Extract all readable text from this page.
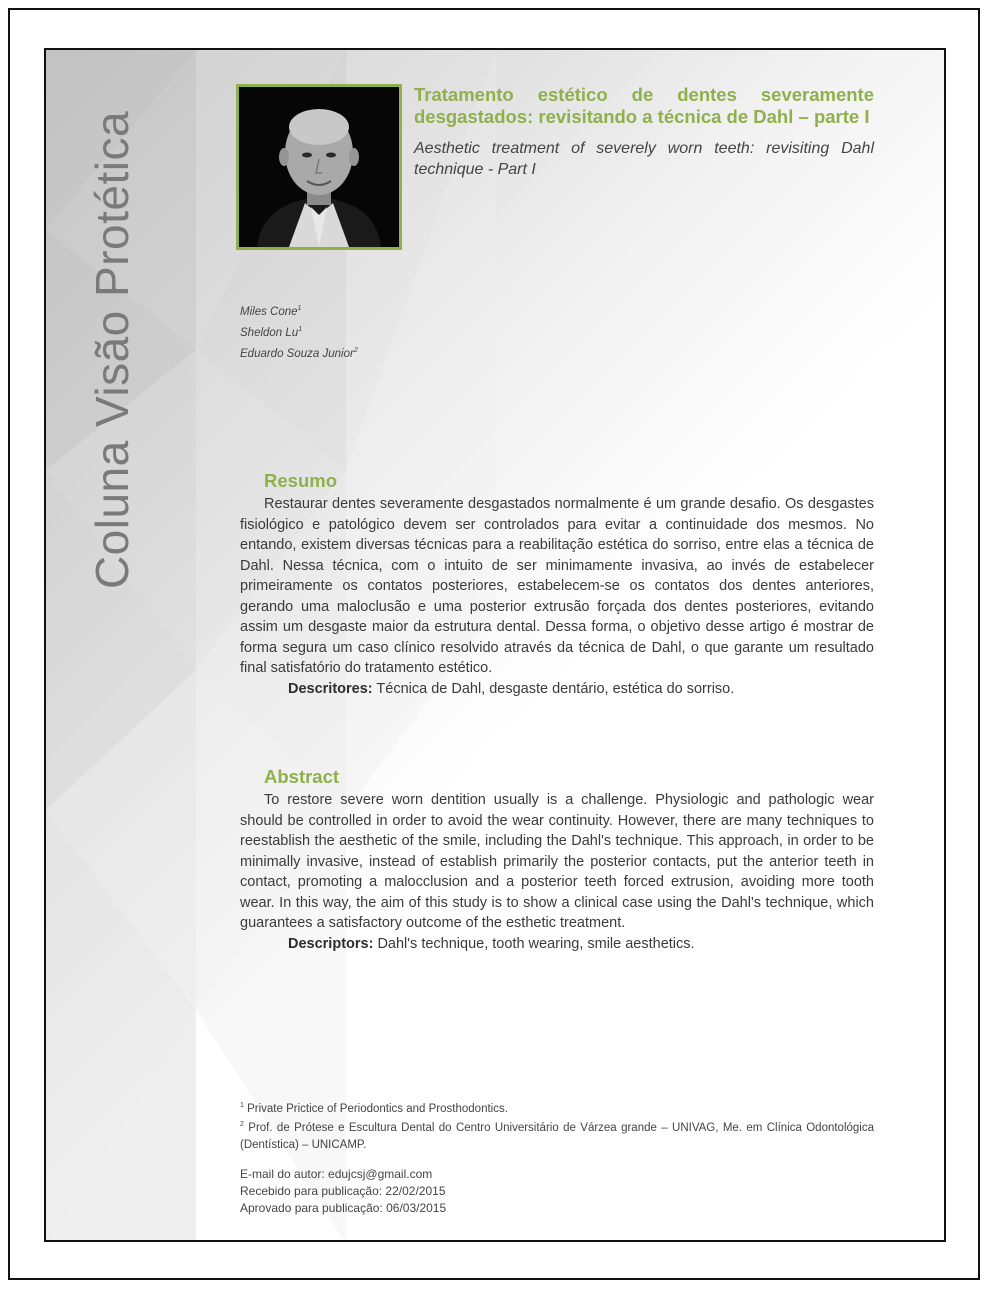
Coluna Visão Protética
Tratamento estético de dentes severamente desgastados: revisitando a técnica de Dahl – parte I

Aesthetic treatment of severely worn teeth: revisiting Dahl technique - Part I

Miles Cone$^1$
Sheldon Lu$^1$
Eduardo Souza Junior$^2$
Resumo

Restaurar dentes severamente desgastados normalmente é um grande desafio. Os desgastes fisiológico e patológico devem ser controlados para evitar a continuidade dos mesmos. No entando, existem diversas técnicas para a reabilitação estética do sorriso, entre elas a técnica de Dahl. Nessa técnica, com o intuito de ser minimamente invasiva, ao invés de estabelecer primeiramente os contatos posteriores, estabelecem-se os contatos dos dentes anteriores, gerando uma maloclusão e uma posterior extrusão forçada dos dentes posteriores, evitando assim um desgaste maior da estrutura dental. Dessa forma, o objetivo desse artigo é mostrar de forma segura um caso clínico resolvido através da técnica de Dahl, o que garante um resultado final satisfatório do tratamento estético.

Descritores: Técnica de Dahl, desgaste dentário, estética do sorriso.

Abstract

To restore severe worn dentition usually is a challenge. Physiologic and pathologic wear should be controlled in order to avoid the wear continuity. However, there are many techniques to reestablish the aesthetic of the smile, including the Dahl's technique. This approach, in order to be minimally invasive, instead of establish primarily the posterior contacts, put the anterior teeth in contact, promoting a malocclusion and a posterior teeth forced extrusion, avoiding more tooth wear. In this way, the aim of this study is to show a clinical case using the Dahl's technique, which guarantees a satisfactory outcome of the esthetic treatment.

Descriptors: Dahl's technique, tooth wearing, smile aesthetics.

$^1$ Private Prictice of Periodontics and Prosthodontics.

$^2$ Prof. de Prótese e Escultura Dental do Centro Universitário de Várzea grande – UNIVAG, Me. em Clínica Odontológica (Dentística) – UNICAMP.

E-mail do autor: edujcsj@gmail.com
Recebido para publicação: 22/02/2015
Aprovado para publicação: 06/03/2015
